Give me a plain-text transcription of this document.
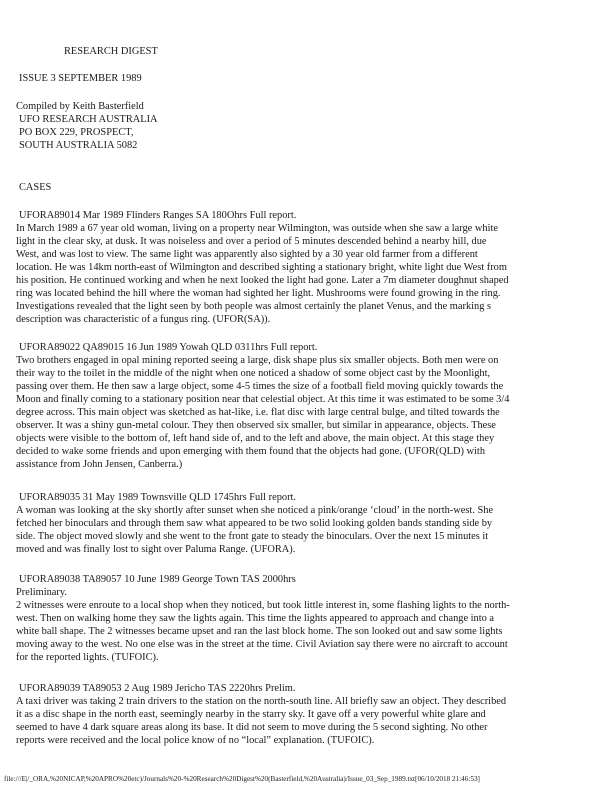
RESEARCH DIGEST
ISSUE 3 SEPTEMBER 1989
Compiled by Keith Basterfield
UFO RESEARCH AUSTRALIA
PO BOX 229, PROSPECT,
SOUTH AUSTRALIA 5082
CASES
UFORA89014 Mar 1989 Flinders Ranges SA 180Ohrs Full report.
In March 1989 a 67 year old woman, living on a property near Wilmington, was outside when she saw a large white
light in the clear sky, at dusk. It was noiseless and over a period of 5 minutes descended behind a nearby hill, due
West, and was lost to view. The same light was apparently also sighted by a 30 year old farmer from a different
location. He was 14km north-east of Wilmington and described sighting a stationary bright, white light due West from
his position. He continued working and when he next looked the light had gone. Later a 7m diameter doughnut shaped
ring was located behind the hill where the woman had sighted her light. Mushrooms were found growing in the ring.
Investigations revealed that the light seen by both people was almost certainly the planet Venus, and the marking s
description was characteristic of a fungus ring. (UFOR(SA)).
UFORA89022 QA89015 16 Jun 1989 Yowah QLD 0311hrs Full report.
Two brothers engaged in opal mining reported seeing a large, disk shape plus six smaller objects. Both men were on
their way to the toilet in the middle of the night when one noticed a shadow of some object cast by the Moonlight,
passing over them. He then saw a large object, some 4-5 times the size of a football field moving quickly towards the
Moon and finally coming to a stationary position near that celestial object. At this time it was estimated to be some 3/4
degree across. This main object was sketched as hat-like, i.e. flat disc with large central bulge, and tilted towards the
observer. It was a shiny gun-metal colour. They then observed six smaller, but similar in appearance, objects. These
objects were visible to the bottom of, left hand side of, and to the left and above, the main object. At this stage they
decided to wake some friends and upon emerging with them found that the objects had gone. (UFOR(QLD) with
assistance from John Jensen, Canberra.)
UFORA89035 31 May 1989 Townsville QLD 1745hrs Full report.
A woman was looking at the sky shortly after sunset when she noticed a pink/orange ‘cloud’ in the north-west. She
fetched her binoculars and through them saw what appeared to be two solid looking golden bands standing side by
side. The object moved slowly and she went to the front gate to steady the binoculars. Over the next 15 minutes it
moved and was finally lost to sight over Paluma Range. (UFORA).
UFORA89038 TA89057 10 June 1989 George Town TAS 2000hrs
Preliminary.
2 witnesses were enroute to a local shop when they noticed, but took little interest in, some flashing lights to the north-
west. Then on walking home they saw the lights again. This time the lights appeared to approach and change into a
white ball shape. The 2 witnesses became upset and ran the last block home. The son looked out and saw some lights
moving away to the west. No one else was in the street at the time. Civil Aviation say there were no aircraft to account
for the reported lights. (TUFOIC).
UFORA89039 TA89053 2 Aug 1989 Jericho TAS 2220hrs Prelim.
A taxi driver was taking 2 train drivers to the station on the north-south line. All briefly saw an object. They described
it as a disc shape in the north east, seemingly nearby in the starry sky. It gave off a very powerful white glare and
seemed to have 4 dark square areas along its base. It did not seem to move during the 5 second sighting. No other
reports were received and the local police know of no “local” explanation. (TUFOIC).
file:///E|/_ORA,%20NICAP,%20APRO%20etc)/Journals%20-%20Research%20Digest%20(Basterfield,%20Australia)/Issue_03_Sep_1989.txt[06/10/2018 21:46:53]
